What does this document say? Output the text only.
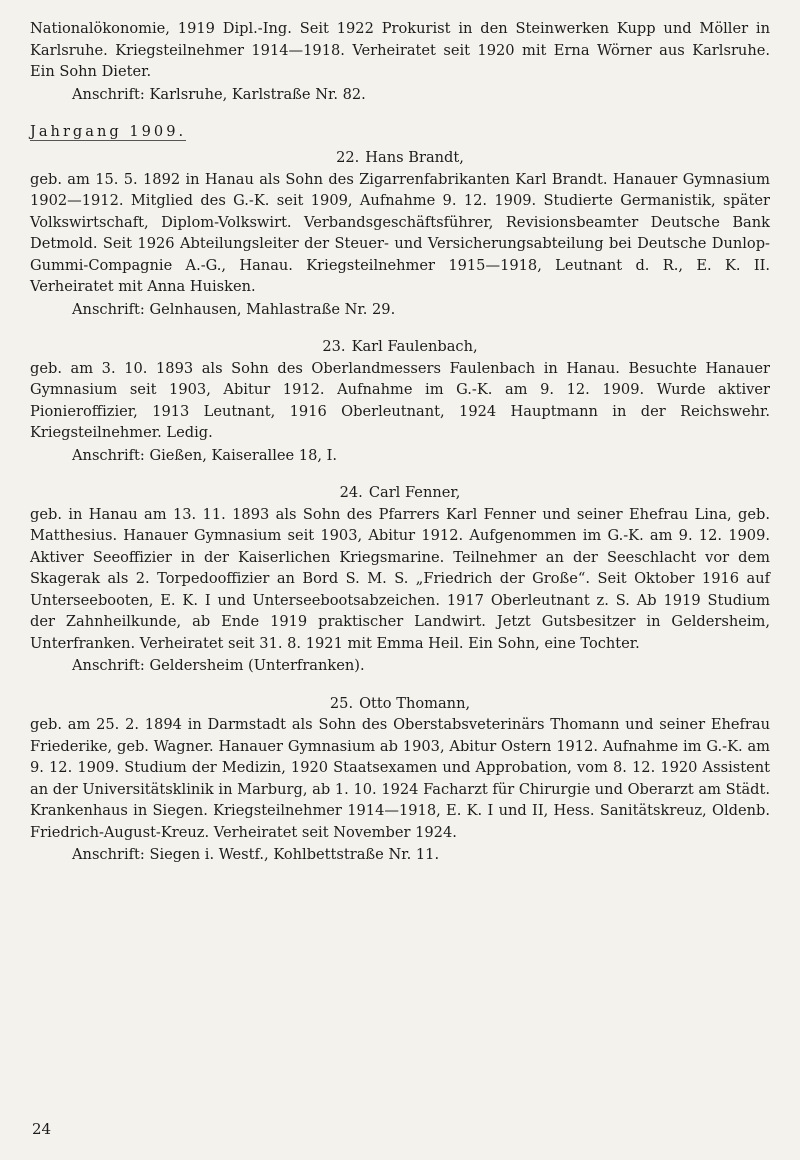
Nationalökonomie, 1919 Dipl.-Ing. Seit 1922 Prokurist in den Steinwerken Kupp und Möller in Karlsruhe. Kriegsteilnehmer 1914—1918. Verheiratet seit 1920 mit Erna Wörner aus Karlsruhe. Ein Sohn Dieter.

Anschrift: Karlsruhe, Karlstraße Nr. 82.

Jahrgang 1909.
22. Hans Brandt,

geb. am 15. 5. 1892 in Hanau als Sohn des Zigarrenfabrikanten Karl Brandt. Hanauer Gymnasium 1902—1912. Mitglied des G.-K. seit 1909, Aufnahme 9. 12. 1909. Studierte Germanistik, später Volkswirtschaft, Diplom-Volkswirt. Verbandsgeschäftsführer, Revisionsbeamter Deutsche Bank Detmold. Seit 1926 Abteilungsleiter der Steuer- und Versicherungsabteilung bei Deutsche Dunlop-Gummi-Compagnie A.-G., Hanau. Kriegsteilnehmer 1915—1918, Leutnant d. R., E. K. II. Verheiratet mit Anna Huisken.

Anschrift: Gelnhausen, Mahlastraße Nr. 29.

23. Karl Faulenbach,

geb. am 3. 10. 1893 als Sohn des Oberlandmessers Faulenbach in Hanau. Besuchte Hanauer Gymnasium seit 1903, Abitur 1912. Aufnahme im G.-K. am 9. 12. 1909. Wurde aktiver Pionieroffizier, 1913 Leutnant, 1916 Oberleutnant, 1924 Hauptmann in der Reichswehr. Kriegsteilnehmer. Ledig.

Anschrift: Gießen, Kaiserallee 18, I.

24. Carl Fenner,

geb. in Hanau am 13. 11. 1893 als Sohn des Pfarrers Karl Fenner und seiner Ehefrau Lina, geb. Matthesius. Hanauer Gymnasium seit 1903, Abitur 1912. Aufgenommen im G.-K. am 9. 12. 1909. Aktiver Seeoffizier in der Kaiserlichen Kriegsmarine. Teilnehmer an der Seeschlacht vor dem Skagerak als 2. Torpedooffizier an Bord S. M. S. „Friedrich der Große“. Seit Oktober 1916 auf Unterseebooten, E. K. I und Unterseebootsabzeichen. 1917 Oberleutnant z. S. Ab 1919 Studium der Zahnheilkunde, ab Ende 1919 praktischer Landwirt. Jetzt Gutsbesitzer in Geldersheim, Unterfranken. Verheiratet seit 31. 8. 1921 mit Emma Heil. Ein Sohn, eine Tochter.

Anschrift: Geldersheim (Unterfranken).

25. Otto Thomann,

geb. am 25. 2. 1894 in Darmstadt als Sohn des Oberstabsveterinärs Thomann und seiner Ehefrau Friederike, geb. Wagner. Hanauer Gymnasium ab 1903, Abitur Ostern 1912. Aufnahme im G.-K. am 9. 12. 1909. Studium der Medizin, 1920 Staatsexamen und Approbation, vom 8. 12. 1920 Assistent an der Universitätsklinik in Marburg, ab 1. 10. 1924 Facharzt für Chirurgie und Oberarzt am Städt. Krankenhaus in Siegen. Kriegsteilnehmer 1914—1918, E. K. I und II, Hess. Sanitätskreuz, Oldenb. Friedrich-August-Kreuz. Verheiratet seit November 1924.

Anschrift: Siegen i. Westf., Kohlbettstraße Nr. 11.

24
